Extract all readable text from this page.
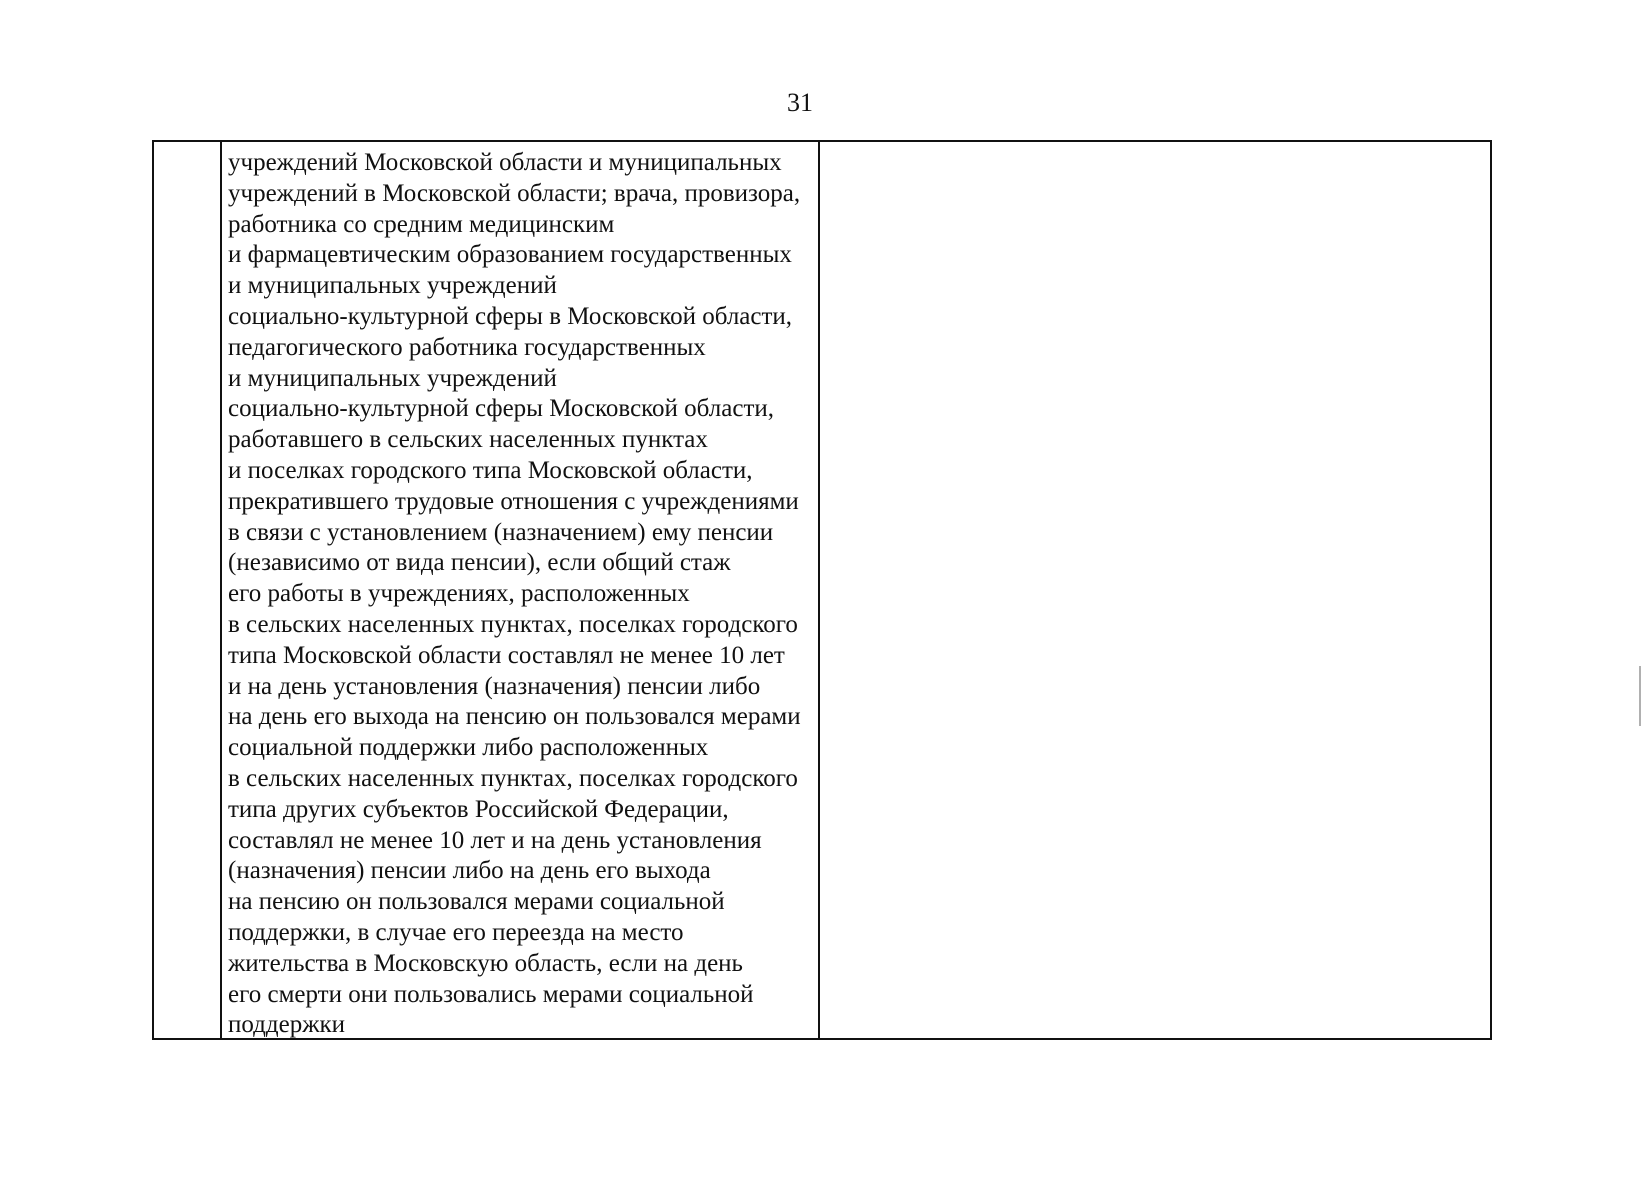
31
учреждений Московской области и муниципальных
учреждений в Московской области; врача, провизора,
работника со средним медицинским
и фармацевтическим образованием государственных
и муниципальных учреждений
социально-культурной сферы в Московской области,
педагогического работника государственных
и муниципальных учреждений
социально-культурной сферы Московской области,
работавшего в сельских населенных пунктах
и поселках городского типа Московской области,
прекратившего трудовые отношения с учреждениями
в связи с установлением (назначением) ему пенсии
(независимо от вида пенсии), если общий стаж
его работы в учреждениях, расположенных
в сельских населенных пунктах, поселках городского
типа Московской области составлял не менее 10 лет
и на день установления (назначения) пенсии либо
на день его выхода на пенсию он пользовался мерами
социальной поддержки либо расположенных
в сельских населенных пунктах, поселках городского
типа других субъектов Российской Федерации,
составлял не менее 10 лет и на день установления
(назначения) пенсии либо на день его выхода
на пенсию он пользовался мерами социальной
поддержки, в случае его переезда на место
жительства в Московскую область, если на день
его смерти они пользовались мерами социальной
поддержки
